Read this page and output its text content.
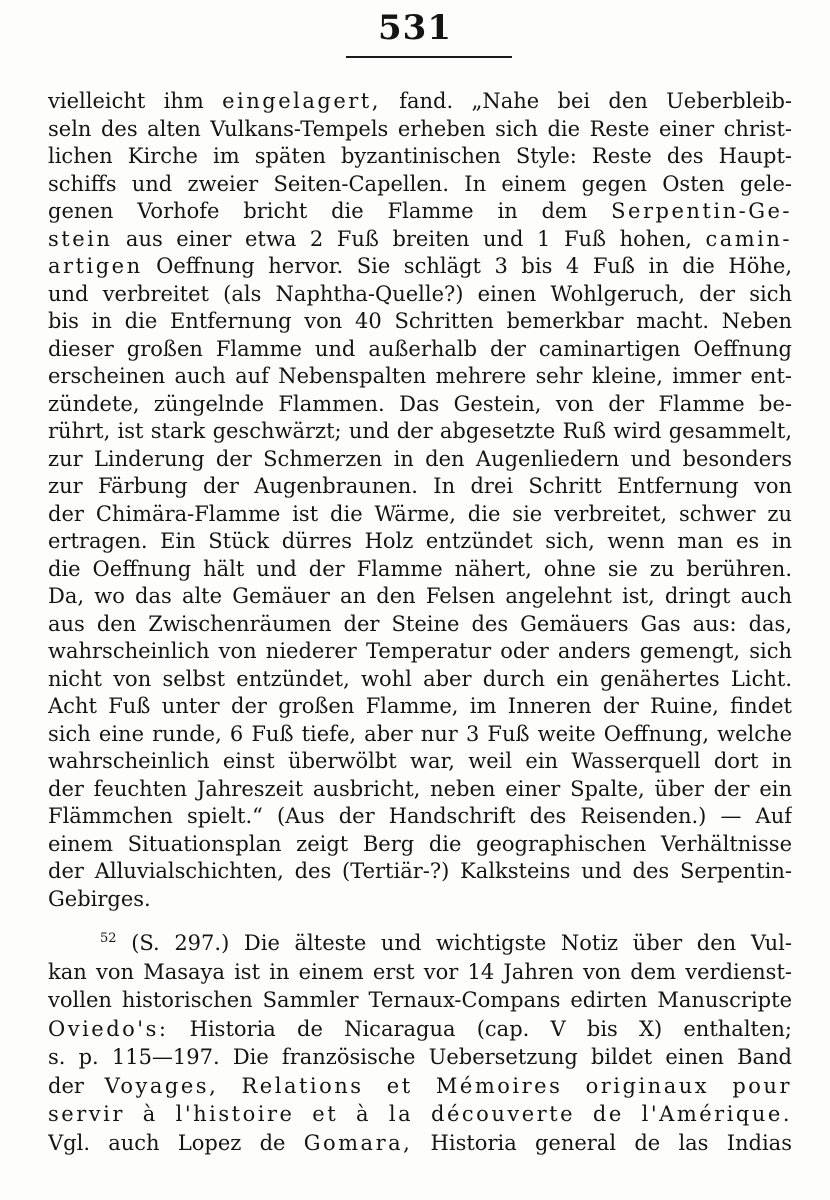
531
vielleicht ihm eingelagert, fand. „Nahe bei den Ueberbleib-
seln des alten Vulkans-Tempels erheben sich die Reste einer christ-
lichen Kirche im späten byzantinischen Style: Reste des Haupt-
schiffs und zweier Seiten-Capellen. In einem gegen Osten gele-
genen Vorhofe bricht die Flamme in dem Serpentin-Ge-
stein aus einer etwa 2 Fuß breiten und 1 Fuß hohen, camin-
artigen Oeffnung hervor. Sie schlägt 3 bis 4 Fuß in die Höhe,
und verbreitet (als Naphtha-Quelle?) einen Wohlgeruch, der sich
bis in die Entfernung von 40 Schritten bemerkbar macht. Neben
dieser großen Flamme und außerhalb der caminartigen Oeffnung
erscheinen auch auf Nebenspalten mehrere sehr kleine, immer ent-
zündete, züngelnde Flammen. Das Gestein, von der Flamme be-
rührt, ist stark geschwärzt; und der abgesetzte Ruß wird gesammelt,
zur Linderung der Schmerzen in den Augenliedern und besonders
zur Färbung der Augenbraunen. In drei Schritt Entfernung von
der Chimära-Flamme ist die Wärme, die sie verbreitet, schwer zu
ertragen. Ein Stück dürres Holz entzündet sich, wenn man es in
die Oeffnung hält und der Flamme nähert, ohne sie zu berühren.
Da, wo das alte Gemäuer an den Felsen angelehnt ist, dringt auch
aus den Zwischenräumen der Steine des Gemäuers Gas aus: das,
wahrscheinlich von niederer Temperatur oder anders gemengt, sich
nicht von selbst entzündet, wohl aber durch ein genähertes Licht.
Acht Fuß unter der großen Flamme, im Inneren der Ruine, findet
sich eine runde, 6 Fuß tiefe, aber nur 3 Fuß weite Oeffnung, welche
wahrscheinlich einst überwölbt war, weil ein Wasserquell dort in
der feuchten Jahreszeit ausbricht, neben einer Spalte, über der ein
Flämmchen spielt.“ (Aus der Handschrift des Reisenden.) — Auf
einem Situationsplan zeigt Berg die geographischen Verhältnisse
der Alluvialschichten, des (Tertiär-?) Kalksteins und des Serpentin-
Gebirges.
$^{52}$ (S. 297.) Die älteste und wichtigste Notiz über den Vul-
kan von Masaya ist in einem erst vor 14 Jahren von dem verdienst-
vollen historischen Sammler Ternaux-Compans edirten Manuscripte
Oviedo's: Historia de Nicaragua (cap. V bis X) enthalten;
s. p. 115—197. Die französische Uebersetzung bildet einen Band
der Voyages, Relations et Mémoires originaux pour
servir à l'histoire et à la découverte de l'Amérique.
Vgl. auch Lopez de Gomara, Historia general de las Indias
